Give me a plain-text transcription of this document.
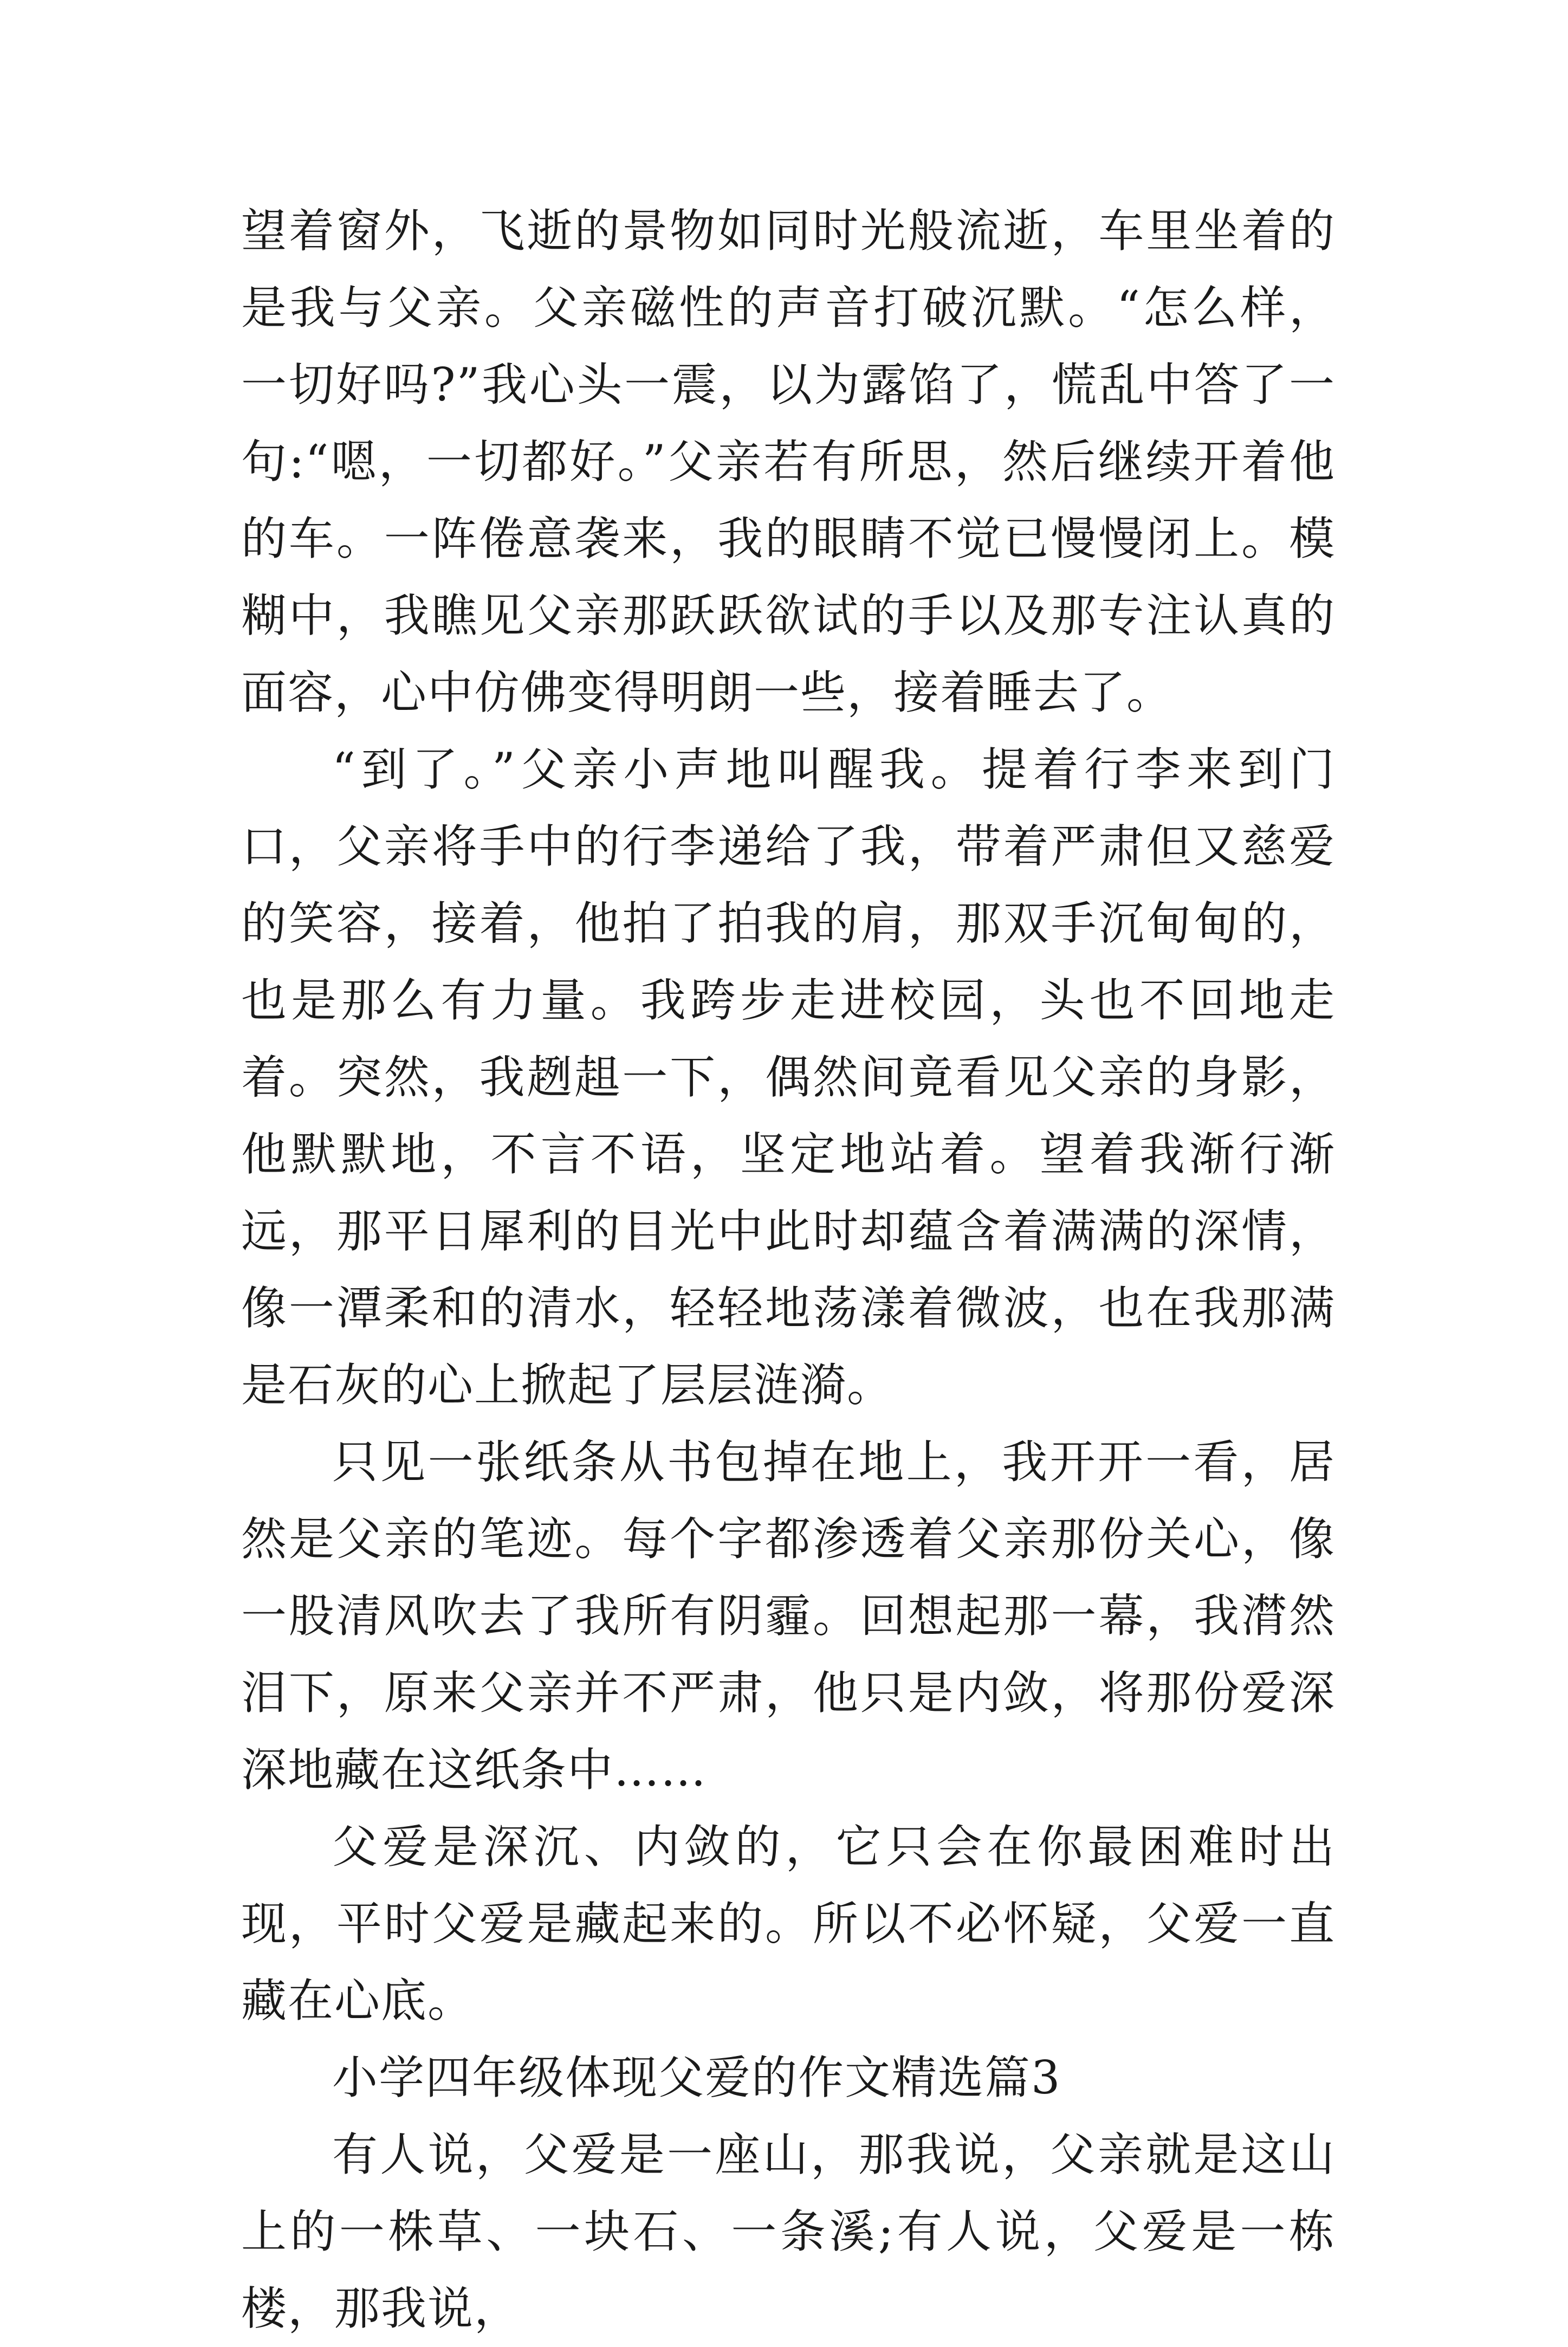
望着窗外，飞逝的景物如同时光般流逝，车里坐着的是我与父亲。父亲磁性的声音打破沉默。“怎么样，一切好吗?”我心头一震，以为露馅了，慌乱中答了一句:“嗯，一切都好。”父亲若有所思，然后继续开着他的车。一阵倦意袭来，我的眼睛不觉已慢慢闭上。模糊中，我瞧见父亲那跃跃欲试的手以及那专注认真的面容，心中仿佛变得明朗一些，接着睡去了。

“到了。”父亲小声地叫醒我。提着行李来到门口，父亲将手中的行李递给了我，带着严肃但又慈爱的笑容，接着，他拍了拍我的肩，那双手沉甸甸的，也是那么有力量。我跨步走进校园，头也不回地走着。突然，我趔趄一下，偶然间竟看见父亲的身影，他默默地，不言不语，坚定地站着。望着我渐行渐远，那平日犀利的目光中此时却蕴含着满满的深情，像一潭柔和的清水，轻轻地荡漾着微波，也在我那满是石灰的心上掀起了层层涟漪。

只见一张纸条从书包掉在地上，我开开一看，居然是父亲的笔迹。每个字都渗透着父亲那份关心，像一股清风吹去了我所有阴霾。回想起那一幕，我潸然泪下，原来父亲并不严肃，他只是内敛，将那份爱深深地藏在这纸条中……

父爱是深沉、内敛的，它只会在你最困难时出现，平时父爱是藏起来的。所以不必怀疑，父爱一直藏在心底。

小学四年级体现父爱的作文精选篇3

有人说，父爱是一座山，那我说，父亲就是这山上的一株草、一块石、一条溪;有人说，父爱是一栋楼，那我说，
